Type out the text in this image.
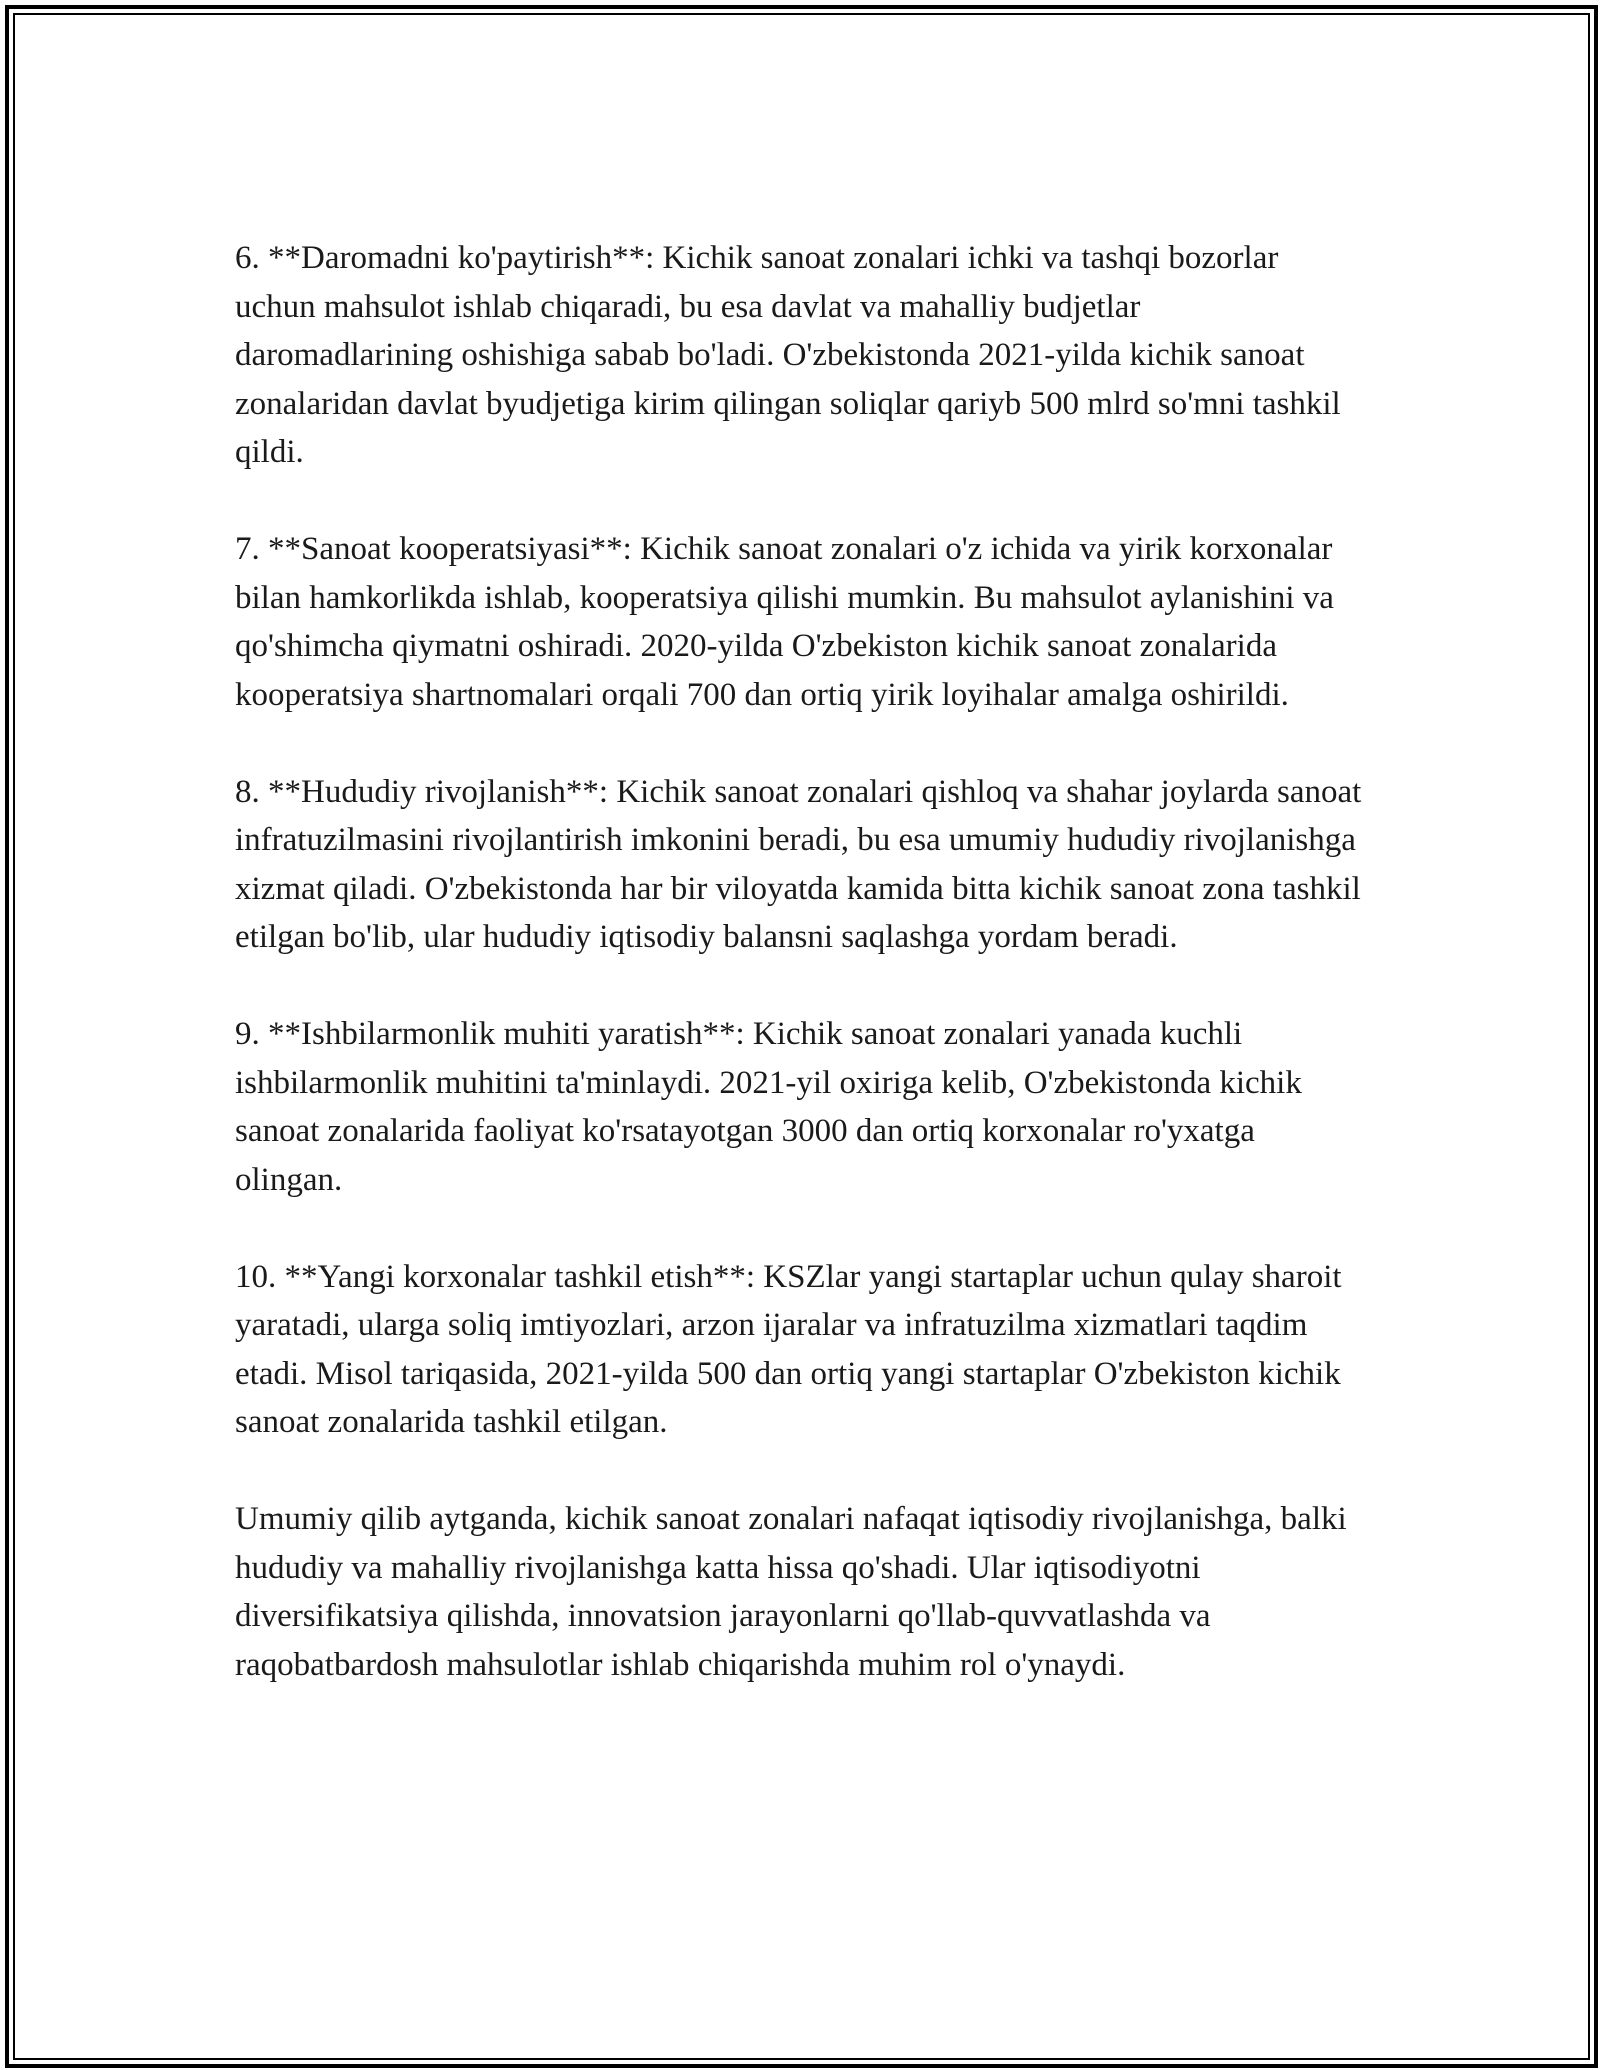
6. **Daromadni ko'paytirish**: Kichik sanoat zonalari ichki va tashqi bozorlar uchun mahsulot ishlab chiqaradi, bu esa davlat va mahalliy budjetlar daromadlarining oshishiga sabab bo'ladi. O'zbekistonda 2021-yilda kichik sanoat zonalaridan davlat byudjetiga kirim qilingan soliqlar qariyb 500 mlrd so'mni tashkil qildi.

7. **Sanoat kooperatsiyasi**: Kichik sanoat zonalari o'z ichida va yirik korxonalar bilan hamkorlikda ishlab, kooperatsiya qilishi mumkin. Bu mahsulot aylanishini va qo'shimcha qiymatni oshiradi. 2020-yilda O'zbekiston kichik sanoat zonalarida kooperatsiya shartnomalari orqali 700 dan ortiq yirik loyihalar amalga oshirildi.

8. **Hududiy rivojlanish**: Kichik sanoat zonalari qishloq va shahar joylarda sanoat infratuzilmasini rivojlantirish imkonini beradi, bu esa umumiy hududiy rivojlanishga xizmat qiladi. O'zbekistonda har bir viloyatda kamida bitta kichik sanoat zona tashkil etilgan bo'lib, ular hududiy iqtisodiy balansni saqlashga yordam beradi.

9. **Ishbilarmonlik muhiti yaratish**: Kichik sanoat zonalari yanada kuchli ishbilarmonlik muhitini ta'minlaydi. 2021-yil oxiriga kelib, O'zbekistonda kichik sanoat zonalarida faoliyat ko'rsatayotgan 3000 dan ortiq korxonalar ro'yxatga olingan.

10. **Yangi korxonalar tashkil etish**: KSZlar yangi startaplar uchun qulay sharoit yaratadi, ularga soliq imtiyozlari, arzon ijaralar va infratuzilma xizmatlari taqdim etadi. Misol tariqasida, 2021-yilda 500 dan ortiq yangi startaplar O'zbekiston kichik sanoat zonalarida tashkil etilgan.

Umumiy qilib aytganda, kichik sanoat zonalari nafaqat iqtisodiy rivojlanishga, balki hududiy va mahalliy rivojlanishga katta hissa qo'shadi. Ular iqtisodiyotni diversifikatsiya qilishda, innovatsion jarayonlarni qo'llab-quvvatlashda va raqobatbardosh mahsulotlar ishlab chiqarishda muhim rol o'ynaydi.
